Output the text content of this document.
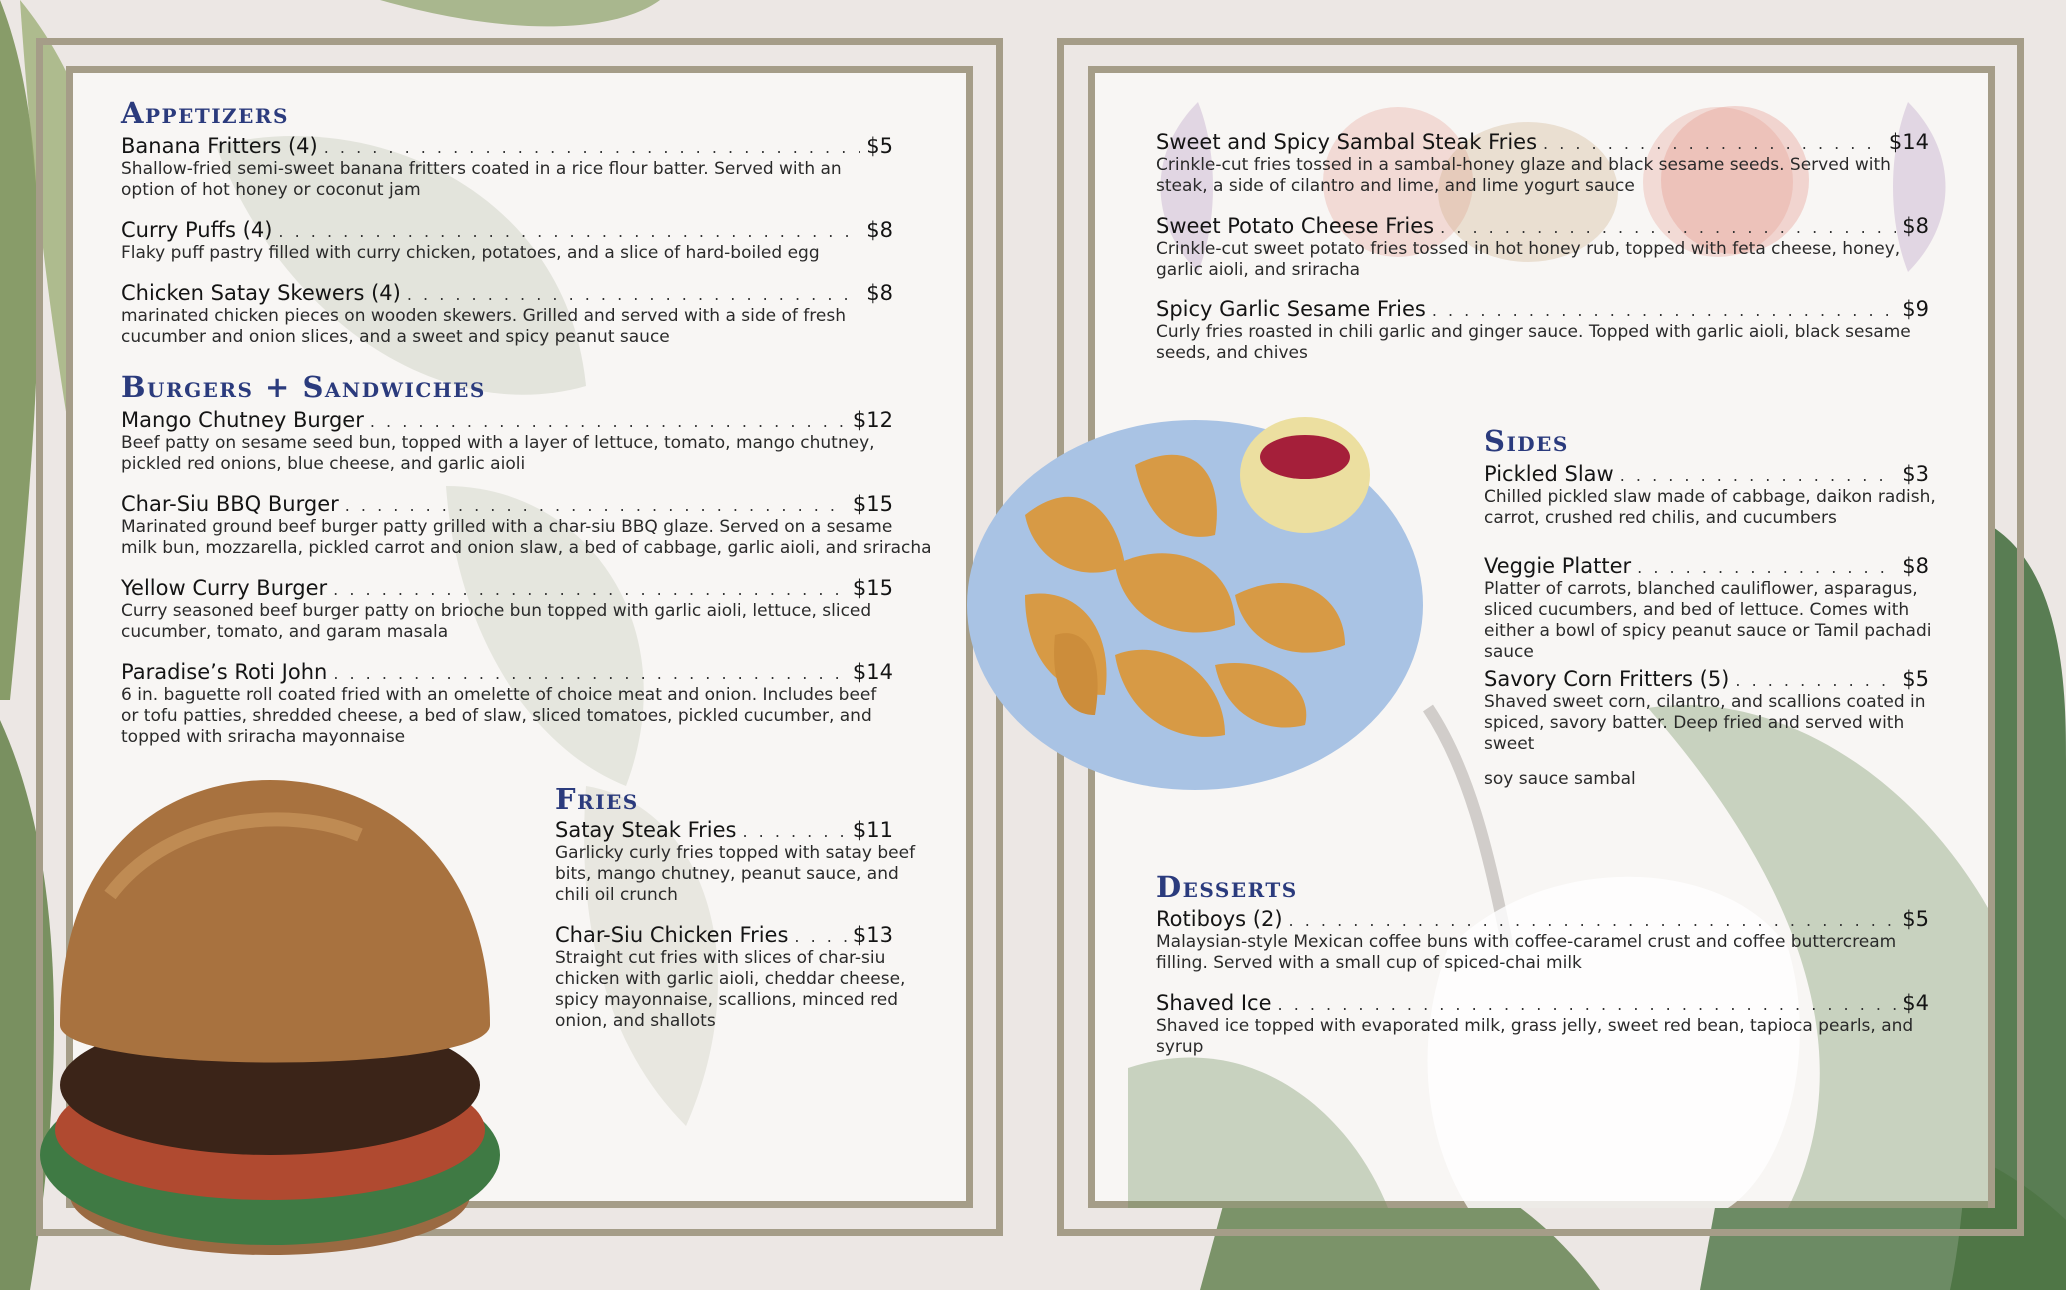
Appetizers
Banana Fritters (4) . . .	$5
Shallow-fried semi-sweet banana fritters coated in a rice flour batter. Served with an option of hot honey or coconut jam
Curry Puffs (4) . . .	$8
Flaky puff pastry filled with curry chicken, potatoes, and a slice of hard-boiled egg
Chicken Satay Skewers (4) . . .	$8
marinated chicken pieces on wooden skewers. Grilled and served with a side of fresh cucumber and onion slices, and a sweet and spicy peanut sauce
Burgers + Sandwiches
Mango Chutney Burger . . .	$12
Beef patty on sesame seed bun, topped with a layer of lettuce, tomato, mango chutney, pickled red onions, blue cheese, and garlic aioli
Char-Siu BBQ Burger . . .	$15
Marinated ground beef burger patty grilled with a char-siu BBQ glaze. Served on a sesame milk bun, mozzarella, pickled carrot and onion slaw, a bed of cabbage, garlic aioli, and sriracha
Yellow Curry Burger . . .	$15
Curry seasoned beef burger patty on brioche bun topped with garlic aioli, lettuce, sliced cucumber, tomato, and garam masala
Paradise’s Roti John . . .	$14
6 in. baguette roll coated fried with an omelette of choice meat and onion. Includes beef or tofu patties, shredded cheese, a bed of slaw, sliced tomatoes, pickled cucumber, and topped with sriracha mayonnaise
Fries
Satay Steak Fries . . .	$11
Garlicky curly fries topped with satay beef bits, mango chutney, peanut sauce, and chili oil crunch
Char-Siu Chicken Fries . . .	$13
Straight cut fries with slices of char-siu chicken with garlic aioli, cheddar cheese, spicy mayonnaise, scallions, minced red onion, and shallots
Sweet and Spicy Sambal Steak Fries . . .	$14
Crinkle-cut fries tossed in a sambal-honey glaze and black sesame seeds. Served with steak, a side of cilantro and lime, and lime yogurt sauce
Sweet Potato Cheese Fries . . .	$8
Crinkle-cut sweet potato fries tossed in hot honey rub, topped with feta cheese, honey, garlic aioli, and sriracha
Spicy Garlic Sesame Fries . . .	$9
Curly fries roasted in chili garlic and ginger sauce. Topped with garlic aioli, black sesame seeds, and chives
Sides
Pickled Slaw . . .	$3
Chilled pickled slaw made of cabbage, daikon radish, carrot, crushed red chilis, and cucumbers
Veggie Platter . . .	$8
Platter of carrots, blanched cauliflower, asparagus, sliced cucumbers, and bed of lettuce. Comes with either a bowl of spicy peanut sauce or Tamil pachadi sauce
Savory Corn Fritters (5) . . .	$5
Shaved sweet corn, cilantro, and scallions coated in spiced, savory batter. Deep fried and served with sweet
soy sauce sambal
Desserts
Rotiboys (2) . . .	$5
Malaysian-style Mexican coffee buns with coffee-caramel crust and coffee buttercream filling. Served with a small cup of spiced-chai milk
Shaved Ice . . .	$4
Shaved ice topped with evaporated milk, grass jelly, sweet red bean, tapioca pearls, and syrup
